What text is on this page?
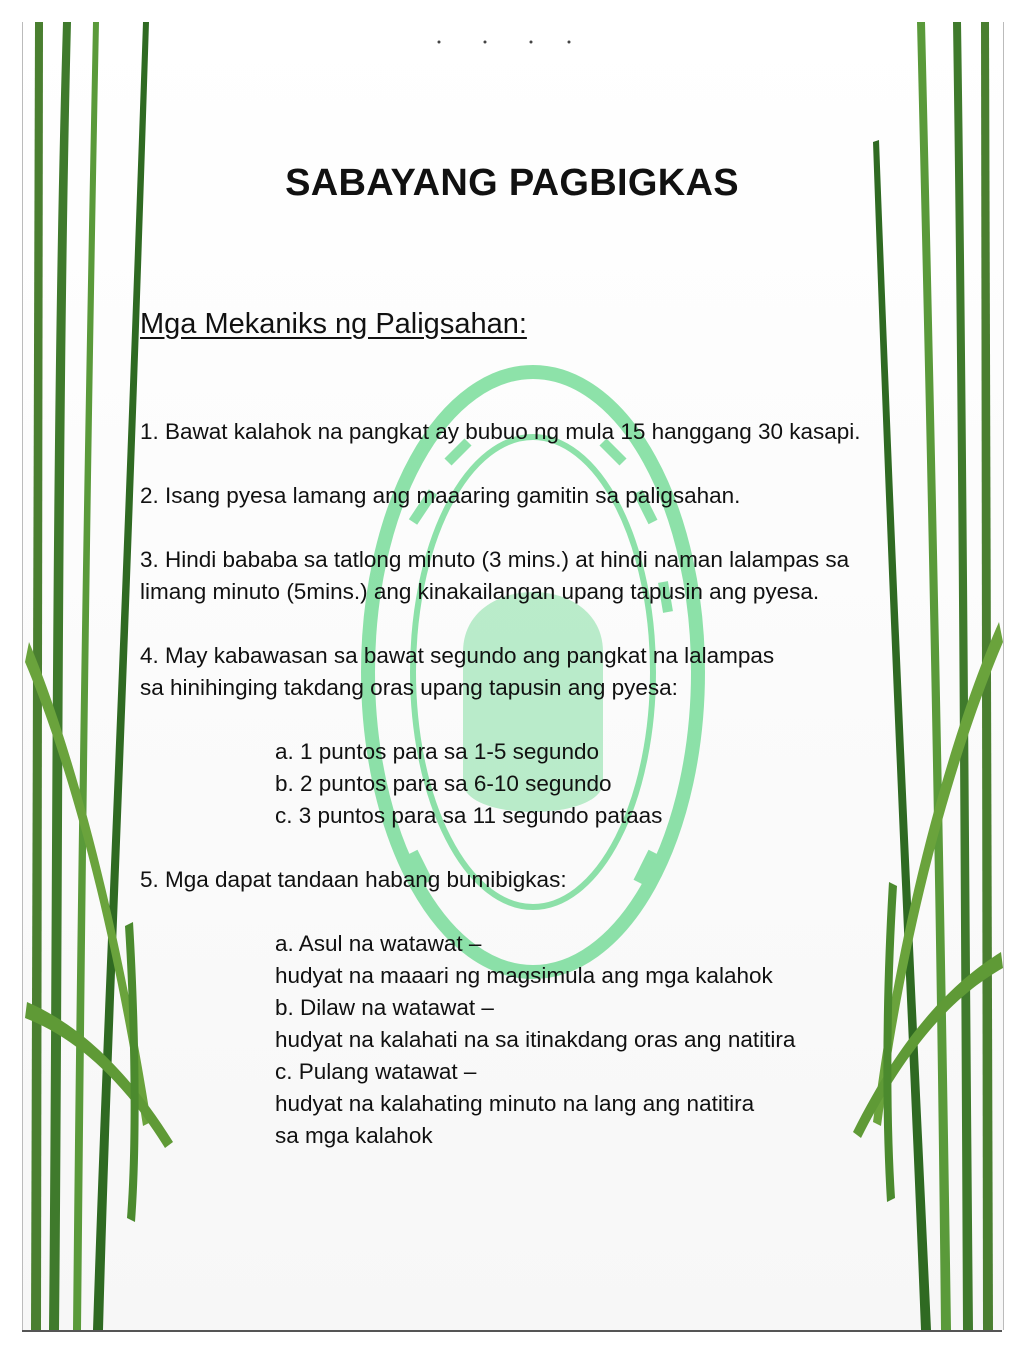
SABAYANG PAGBIGKAS
Mga Mekaniks ng Paligsahan:

1. Bawat kalahok na pangkat ay bubuo ng mula 15 hanggang 30 kasapi.

2. Isang pyesa lamang ang maaaring gamitin sa paligsahan.

3. Hindi bababa sa tatlong minuto (3 mins.) at hindi naman lalampas sa

limang minuto (5mins.) ang kinakailangan upang tapusin ang pyesa.

4. May kabawasan sa bawat segundo ang pangkat na lalampas

sa hinihinging takdang oras upang tapusin ang pyesa:

a. 1 puntos para sa 1-5 segundo

b. 2 puntos para sa 6-10 segundo

c. 3 puntos para sa 11 segundo pataas

5. Mga dapat tandaan habang bumibigkas:

a. Asul na watawat –

hudyat na maaari ng magsimula ang mga kalahok

b. Dilaw na watawat –

hudyat na kalahati na sa itinakdang oras ang natitira

c. Pulang watawat –

hudyat na kalahating minuto na lang ang natitira

sa mga kalahok
